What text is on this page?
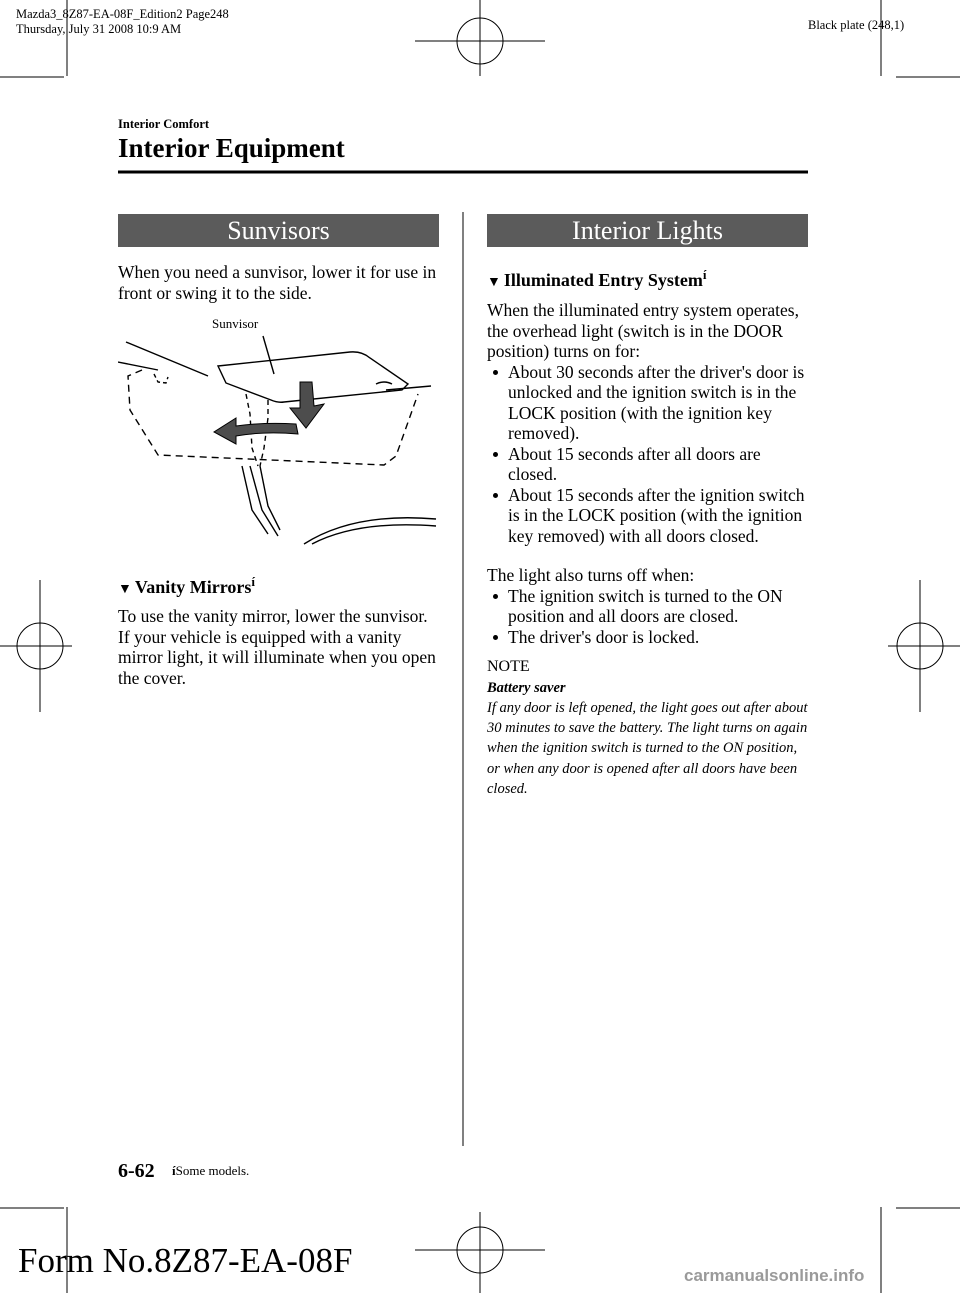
Mazda3_8Z87-EA-08F_Edition2 Page248
Thursday, July 31 2008 10:9 AM	Black plate (248,1)
Interior Comfort
Interior Equipment
Sunvisors
When you need a sunvisor, lower it for use in front or swing it to the side.
Sunvisor
▼ Vanity Mirrors$^í$
To use the vanity mirror, lower the sunvisor.
If your vehicle is equipped with a vanity mirror light, it will illuminate when you open the cover.
Interior Lights
▼ Illuminated Entry System$^í$
When the illuminated entry system operates, the overhead light (switch is in the DOOR position) turns on for:
About 30 seconds after the driver's door is unlocked and the ignition switch is in the LOCK position (with the ignition key removed).
About 15 seconds after all doors are closed.
About 15 seconds after the ignition switch is in the LOCK position (with the ignition key removed) with all doors closed.
The light also turns off when:
The ignition switch is turned to the ON position and all doors are closed.
The driver's door is locked.
NOTE
Battery saver
If any door is left opened, the light goes out after about 30 minutes to save the battery. The light turns on again when the ignition switch is turned to the ON position, or when any door is opened after all doors have been closed.
6-62 íSome models.
Form No.8Z87-EA-08F	carmanualsonline.info
